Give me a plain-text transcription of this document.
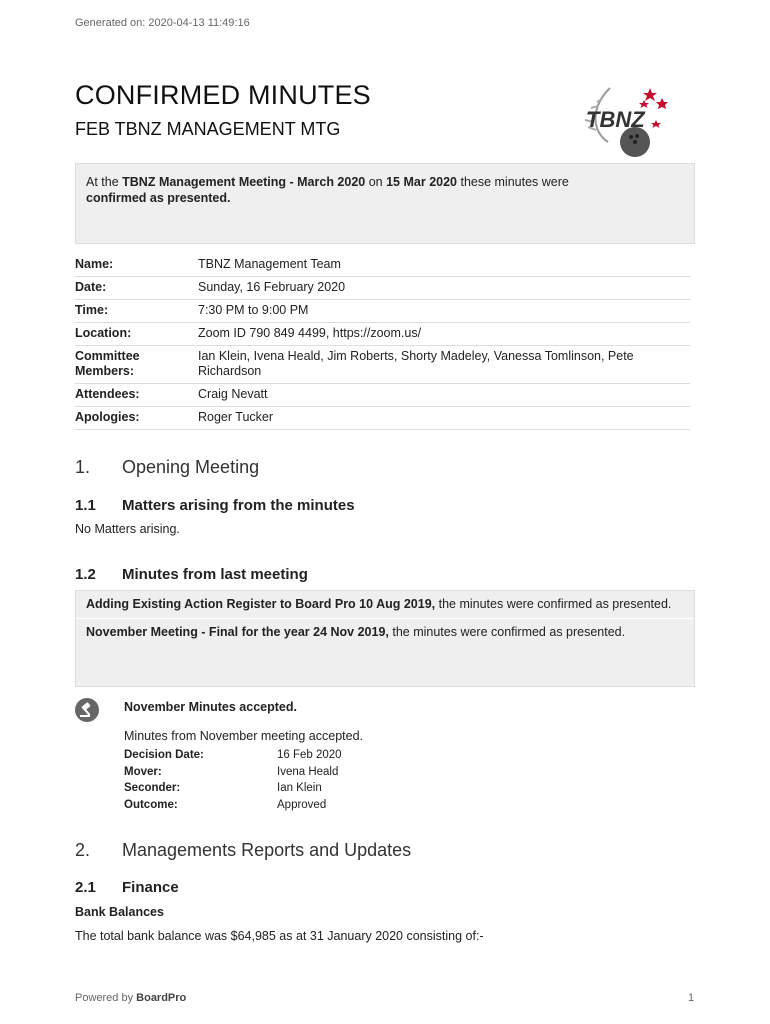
Generated on: 2020-04-13 11:49:16
CONFIRMED MINUTES
FEB TBNZ MANAGEMENT MTG	TBNZ
At the TBNZ Management Meeting - March 2020 on 15 Mar 2020 these minutes were
confirmed as presented.
Name:	TBNZ Management Team
Date:	Sunday, 16 February 2020
Time:	7:30 PM to 9:00 PM
Location:	Zoom ID 790 849 4499, https://zoom.us/
Committee Members:	Ian Klein, Ivena Heald, Jim Roberts, Shorty Madeley, Vanessa Tomlinson, Pete Richardson
Attendees:	Craig Nevatt
Apologies:	Roger Tucker
1. Opening Meeting
1.1 Matters arising from the minutes
No Matters arising.
1.2 Minutes from last meeting
Adding Existing Action Register to Board Pro 10 Aug 2019, the minutes were confirmed as presented.
November Meeting - Final for the year 24 Nov 2019, the minutes were confirmed as presented.
November Minutes accepted.
Minutes from November meeting accepted.
Decision Date:	16 Feb 2020
Mover:	Ivena Heald
Seconder:	Ian Klein
Outcome:	Approved
2. Managements Reports and Updates
2.1 Finance
Bank Balances
The total bank balance was $64,985 as at 31 January 2020 consisting of:-
Powered by BoardPro	1
